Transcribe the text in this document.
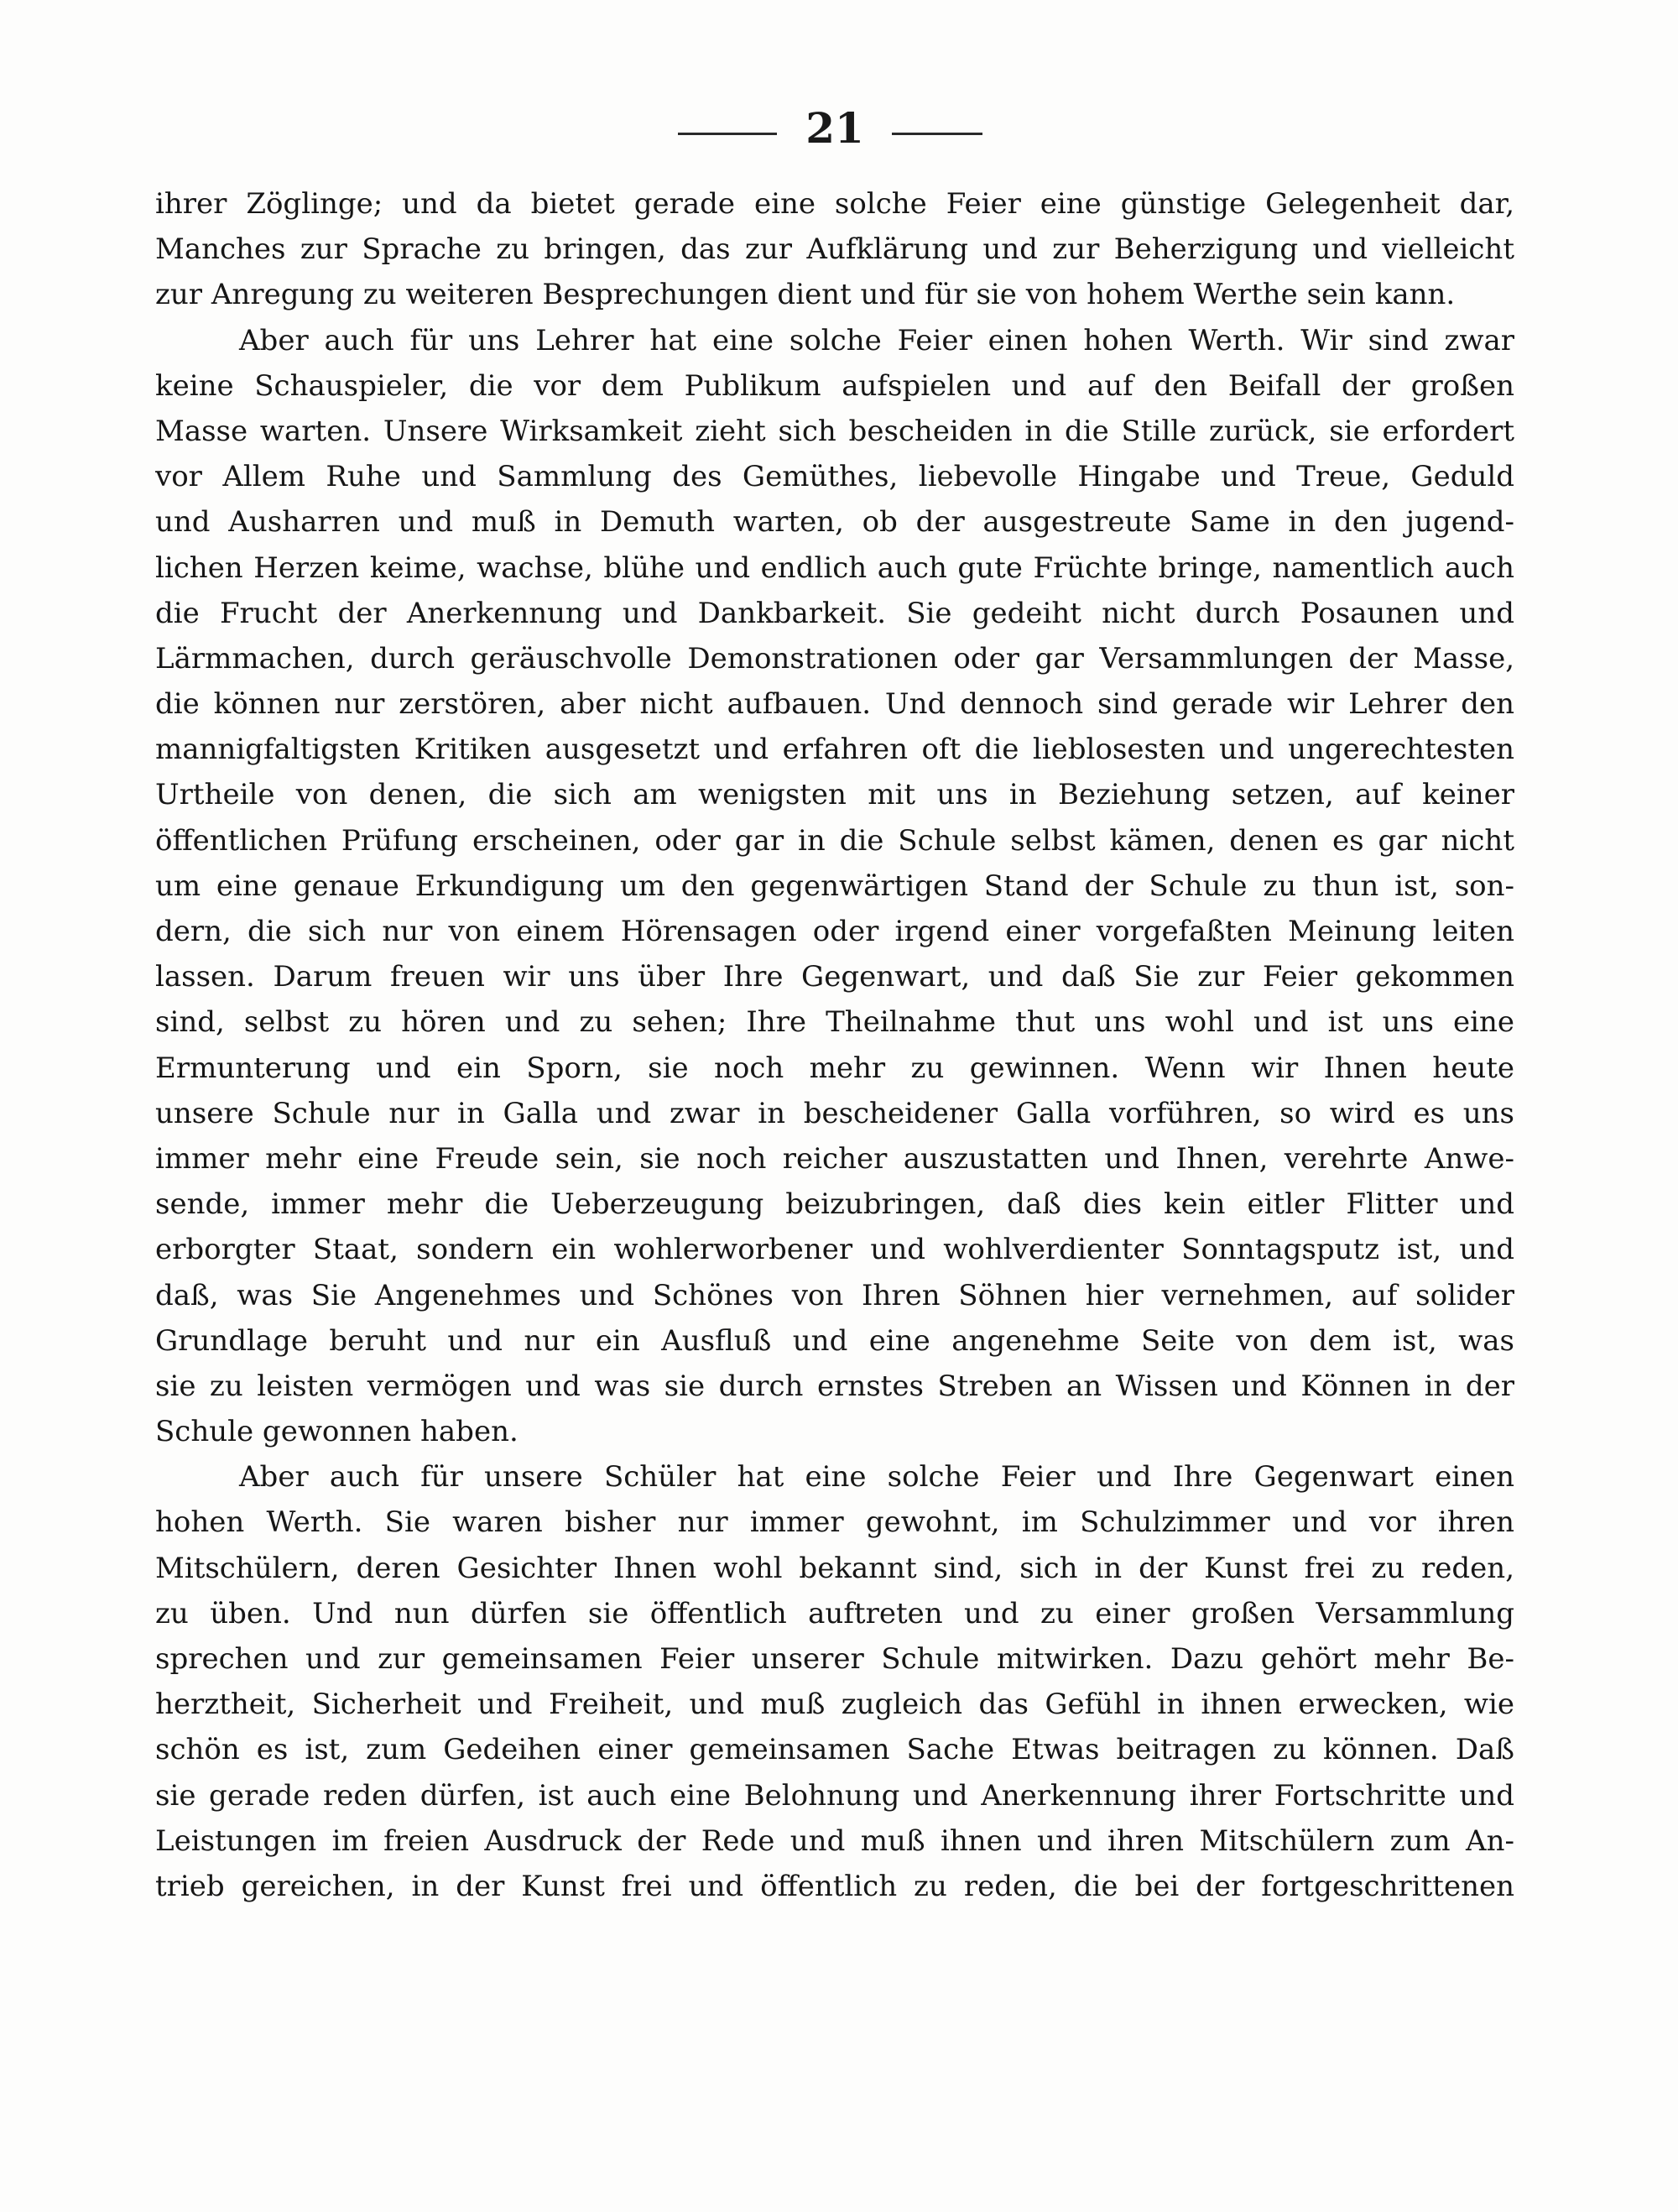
21
ihrer Zöglinge; und da bietet gerade eine solche Feier eine günstige Gelegenheit dar,
Manches zur Sprache zu bringen, das zur Aufklärung und zur Beherzigung und vielleicht
zur Anregung zu weiteren Besprechungen dient und für sie von hohem Werthe sein kann.
Aber auch für uns Lehrer hat eine solche Feier einen hohen Werth. Wir sind zwar
keine Schauspieler, die vor dem Publikum aufspielen und auf den Beifall der großen
Masse warten. Unsere Wirksamkeit zieht sich bescheiden in die Stille zurück, sie erfordert
vor Allem Ruhe und Sammlung des Gemüthes, liebevolle Hingabe und Treue, Geduld
und Ausharren und muß in Demuth warten, ob der ausgestreute Same in den jugend-
lichen Herzen keime, wachse, blühe und endlich auch gute Früchte bringe, namentlich auch
die Frucht der Anerkennung und Dankbarkeit. Sie gedeiht nicht durch Posaunen und
Lärmmachen, durch geräuschvolle Demonstrationen oder gar Versammlungen der Masse,
die können nur zerstören, aber nicht aufbauen. Und dennoch sind gerade wir Lehrer den
mannigfaltigsten Kritiken ausgesetzt und erfahren oft die lieblosesten und ungerechtesten
Urtheile von denen, die sich am wenigsten mit uns in Beziehung setzen, auf keiner
öffentlichen Prüfung erscheinen, oder gar in die Schule selbst kämen, denen es gar nicht
um eine genaue Erkundigung um den gegenwärtigen Stand der Schule zu thun ist, son-
dern, die sich nur von einem Hörensagen oder irgend einer vorgefaßten Meinung leiten
lassen. Darum freuen wir uns über Ihre Gegenwart, und daß Sie zur Feier gekommen
sind, selbst zu hören und zu sehen; Ihre Theilnahme thut uns wohl und ist uns eine
Ermunterung und ein Sporn, sie noch mehr zu gewinnen. Wenn wir Ihnen heute
unsere Schule nur in Galla und zwar in bescheidener Galla vorführen, so wird es uns
immer mehr eine Freude sein, sie noch reicher auszustatten und Ihnen, verehrte Anwe-
sende, immer mehr die Ueberzeugung beizubringen, daß dies kein eitler Flitter und
erborgter Staat, sondern ein wohlerworbener und wohlverdienter Sonntagsputz ist, und
daß, was Sie Angenehmes und Schönes von Ihren Söhnen hier vernehmen, auf solider
Grundlage beruht und nur ein Ausfluß und eine angenehme Seite von dem ist, was
sie zu leisten vermögen und was sie durch ernstes Streben an Wissen und Können in der
Schule gewonnen haben.
Aber auch für unsere Schüler hat eine solche Feier und Ihre Gegenwart einen
hohen Werth. Sie waren bisher nur immer gewohnt, im Schulzimmer und vor ihren
Mitschülern, deren Gesichter Ihnen wohl bekannt sind, sich in der Kunst frei zu reden,
zu üben. Und nun dürfen sie öffentlich auftreten und zu einer großen Versammlung
sprechen und zur gemeinsamen Feier unserer Schule mitwirken. Dazu gehört mehr Be-
herztheit, Sicherheit und Freiheit, und muß zugleich das Gefühl in ihnen erwecken, wie
schön es ist, zum Gedeihen einer gemeinsamen Sache Etwas beitragen zu können. Daß
sie gerade reden dürfen, ist auch eine Belohnung und Anerkennung ihrer Fortschritte und
Leistungen im freien Ausdruck der Rede und muß ihnen und ihren Mitschülern zum An-
trieb gereichen, in der Kunst frei und öffentlich zu reden, die bei der fortgeschrittenen
